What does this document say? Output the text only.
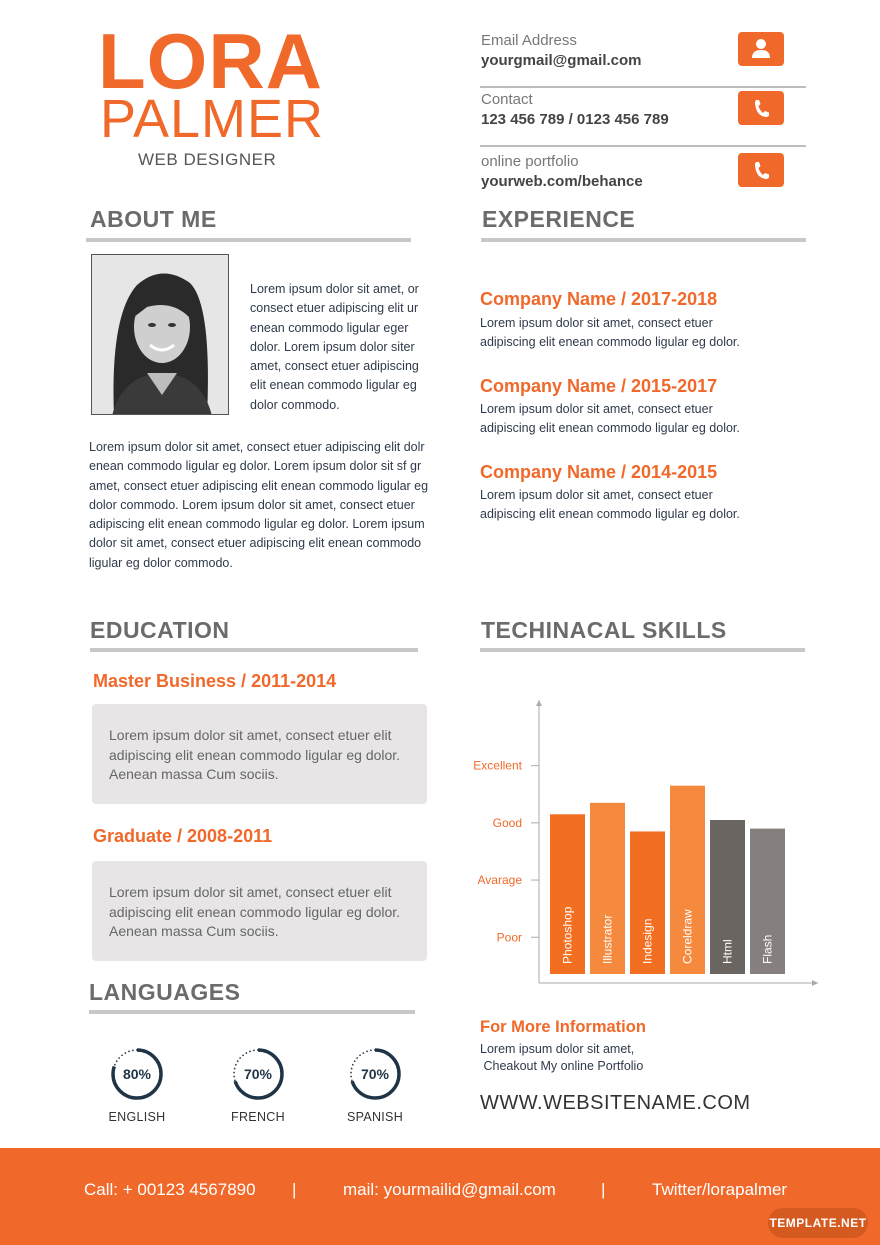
LORA
PALMER
WEB DESIGNER
Email Address
yourgmail@gmail.com
Contact
123 456 789 / 0123 456 789
online portfolio
yourweb.com/behance
ABOUT ME
Lorem ipsum dolor sit amet, or consect etuer adipiscing elit ur enean commodo ligular eger dolor. Lorem ipsum dolor siter amet, consect etuer adipiscing elit enean commodo ligular eg dolor commodo.
Lorem ipsum dolor sit amet, consect etuer adipiscing elit dolr enean commodo ligular eg dolor. Lorem ipsum dolor sit sf gr amet, consect etuer adipiscing elit enean commodo ligular eg dolor commodo. Lorem ipsum dolor sit amet, consect etuer adipiscing elit enean commodo ligular eg dolor. Lorem ipsum dolor sit amet, consect etuer adipiscing elit enean commodo ligular eg dolor commodo.
EXPERIENCE
Company Name / 2017-2018
Lorem ipsum dolor sit amet, consect etuer adipiscing elit enean commodo ligular eg dolor.
Company Name / 2015-2017
Lorem ipsum dolor sit amet, consect etuer adipiscing elit enean commodo ligular eg dolor.
Company Name / 2014-2015
Lorem ipsum dolor sit amet, consect etuer adipiscing elit enean commodo ligular eg dolor.
EDUCATION
Master Business / 2011-2014
Lorem ipsum dolor sit amet, consect etuer elit adipiscing elit enean commodo ligular eg dolor. Aenean massa Cum sociis.
Graduate / 2008-2011
Lorem ipsum dolor sit amet, consect etuer elit adipiscing elit enean commodo ligular eg dolor. Aenean massa Cum sociis.
LANGUAGES
80%
ENGLISH
70%
FRENCH
70%
SPANISH
TECHINACAL SKILLS
Poor
Avarage
Good
Excellent
Photoshop Illustrator Indesign Coreldraw Html Flash
For More Information
Lorem ipsum dolor sit amet,
Cheakout My online Portfolio
WWW.WEBSITENAME.COM
Call: + 00123 4567890 |	mail: yourmailid@gmail.com	|	Twitter/lorapalmer
TEMPLATE.NET
